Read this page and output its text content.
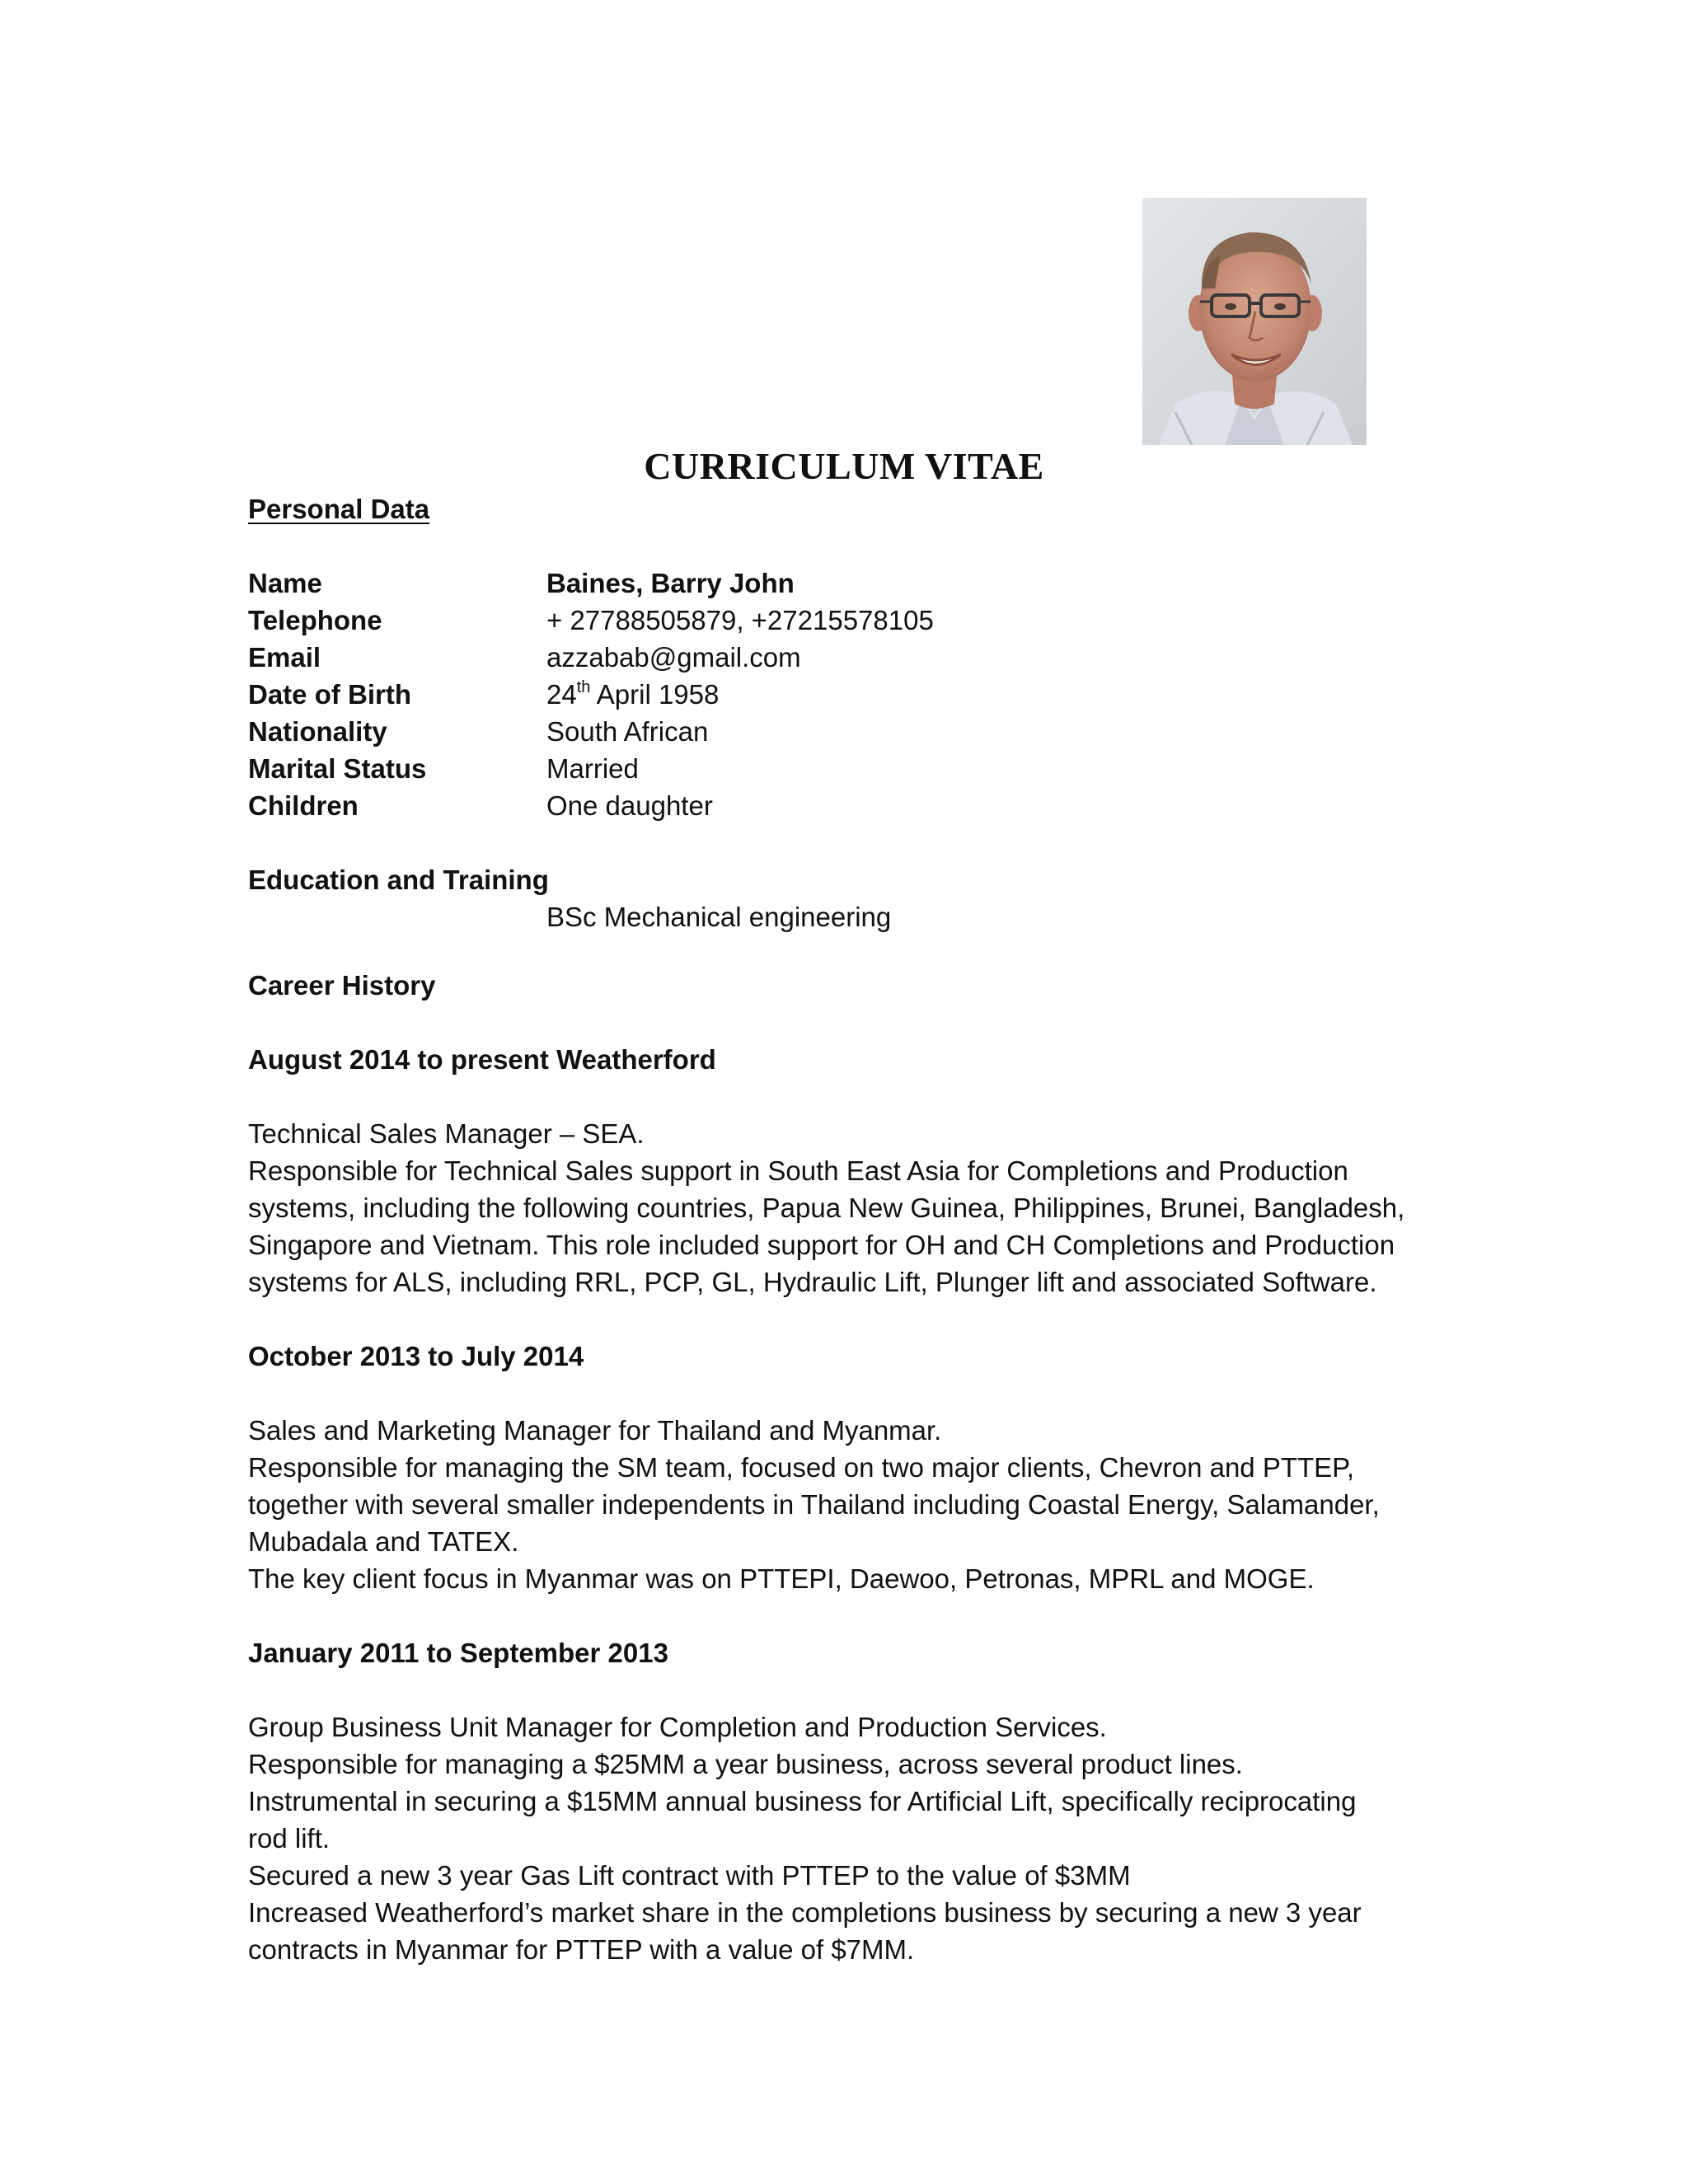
CURRICULUM VITAE
Personal Data
Name	Baines, Barry John
Telephone	+ 27788505879, +27215578105
Email	azzabab@gmail.com
Date of Birth	24th April 1958
Nationality	South African
Marital Status	Married
Children	One daughter
Education and Training
BSc Mechanical engineering
Career History
August 2014 to present Weatherford
Technical Sales Manager – SEA.
Responsible for Technical Sales support in South East Asia for Completions and Production
systems, including the following countries, Papua New Guinea, Philippines, Brunei, Bangladesh,
Singapore and Vietnam. This role included support for OH and CH Completions and Production
systems for ALS, including RRL, PCP, GL, Hydraulic Lift, Plunger lift and associated Software.
October 2013 to July 2014
Sales and Marketing Manager for Thailand and Myanmar.
Responsible for managing the SM team, focused on two major clients, Chevron and PTTEP,
together with several smaller independents in Thailand including Coastal Energy, Salamander,
Mubadala and TATEX.
The key client focus in Myanmar was on PTTEPI, Daewoo, Petronas, MPRL and MOGE.
January 2011 to September 2013
Group Business Unit Manager for Completion and Production Services.
Responsible for managing a $25MM a year business, across several product lines.
Instrumental in securing a $15MM annual business for Artificial Lift, specifically reciprocating
rod lift.
Secured a new 3 year Gas Lift contract with PTTEP to the value of $3MM
Increased Weatherford’s market share in the completions business by securing a new 3 year
contracts in Myanmar for PTTEP with a value of $7MM.
